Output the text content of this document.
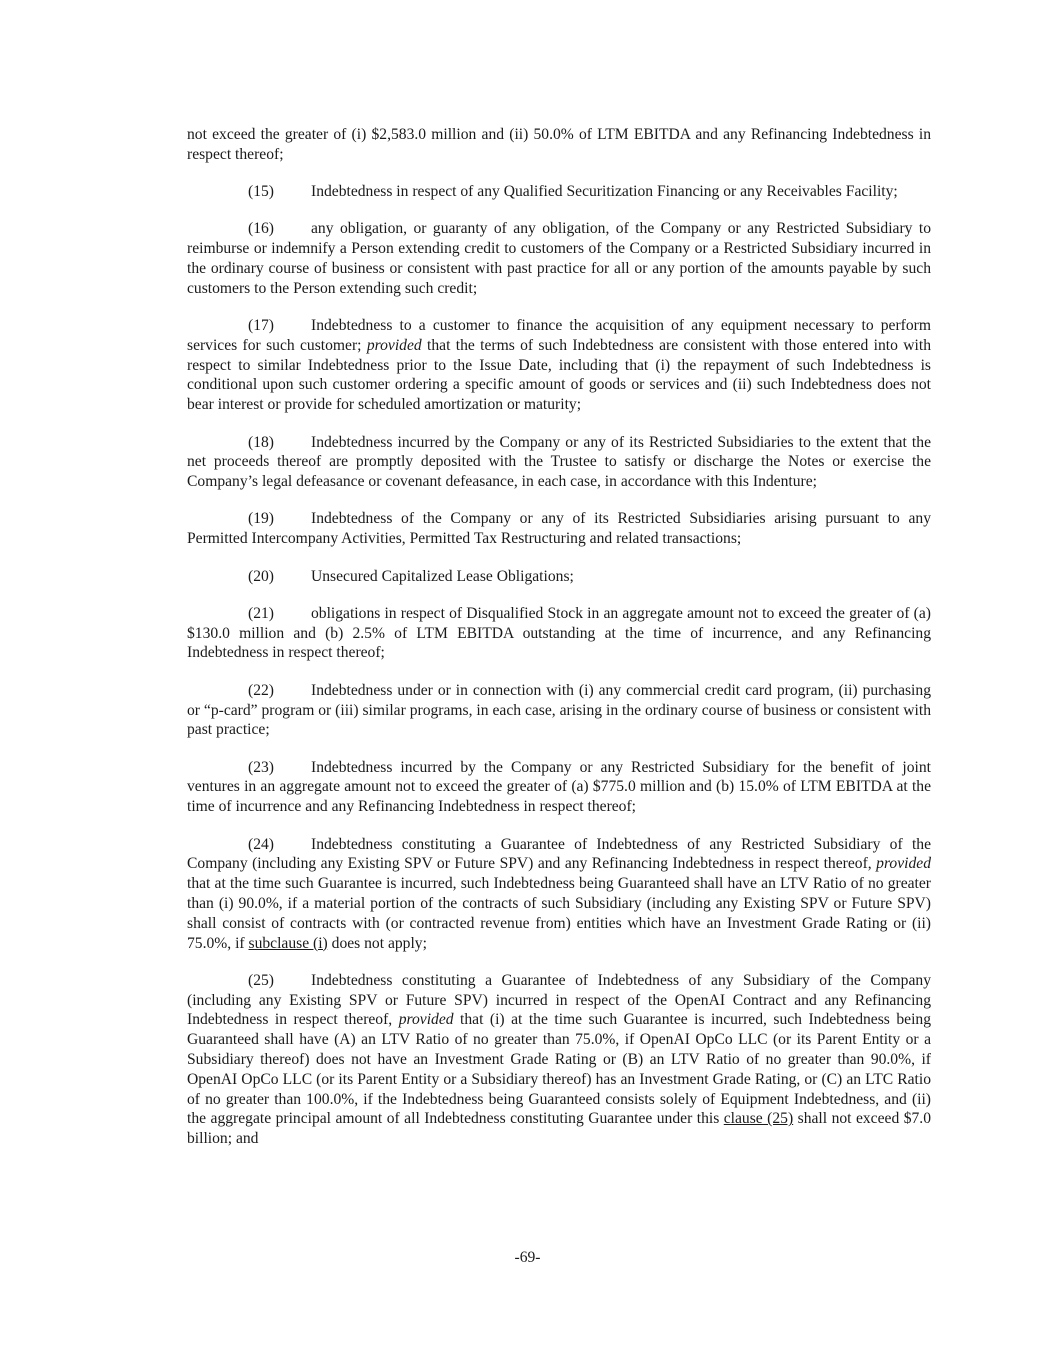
not exceed the greater of (i) $2,583.0 million and (ii) 50.0% of LTM EBITDA and any Refinancing Indebtedness in respect thereof;

(15) Indebtedness in respect of any Qualified Securitization Financing or any Receivables Facility;

(16) any obligation, or guaranty of any obligation, of the Company or any Restricted Subsidiary to reimburse or indemnify a Person extending credit to customers of the Company or a Restricted Subsidiary incurred in the ordinary course of business or consistent with past practice for all or any portion of the amounts payable by such customers to the Person extending such credit;

(17) Indebtedness to a customer to finance the acquisition of any equipment necessary to perform services for such customer; provided that the terms of such Indebtedness are consistent with those entered into with respect to similar Indebtedness prior to the Issue Date, including that (i) the repayment of such Indebtedness is conditional upon such customer ordering a specific amount of goods or services and (ii) such Indebtedness does not bear interest or provide for scheduled amortization or maturity;

(18) Indebtedness incurred by the Company or any of its Restricted Subsidiaries to the extent that the net proceeds thereof are promptly deposited with the Trustee to satisfy or discharge the Notes or exercise the Company’s legal defeasance or covenant defeasance, in each case, in accordance with this Indenture;

(19) Indebtedness of the Company or any of its Restricted Subsidiaries arising pursuant to any Permitted Intercompany Activities, Permitted Tax Restructuring and related transactions;

(20) Unsecured Capitalized Lease Obligations;

(21) obligations in respect of Disqualified Stock in an aggregate amount not to exceed the greater of (a) $130.0 million and (b) 2.5% of LTM EBITDA outstanding at the time of incurrence, and any Refinancing Indebtedness in respect thereof;

(22) Indebtedness under or in connection with (i) any commercial credit card program, (ii) purchasing or “p-card” program or (iii) similar programs, in each case, arising in the ordinary course of business or consistent with past practice;

(23) Indebtedness incurred by the Company or any Restricted Subsidiary for the benefit of joint ventures in an aggregate amount not to exceed the greater of (a) $775.0 million and (b) 15.0% of LTM EBITDA at the time of incurrence and any Refinancing Indebtedness in respect thereof;

(24) Indebtedness constituting a Guarantee of Indebtedness of any Restricted Subsidiary of the Company (including any Existing SPV or Future SPV) and any Refinancing Indebtedness in respect thereof, provided that at the time such Guarantee is incurred, such Indebtedness being Guaranteed shall have an LTV Ratio of no greater than (i) 90.0%, if a material portion of the contracts of such Subsidiary (including any Existing SPV or Future SPV) shall consist of contracts with (or contracted revenue from) entities which have an Investment Grade Rating or (ii) 75.0%, if subclause (i) does not apply;

(25) Indebtedness constituting a Guarantee of Indebtedness of any Subsidiary of the Company (including any Existing SPV or Future SPV) incurred in respect of the OpenAI Contract and any Refinancing Indebtedness in respect thereof, provided that (i) at the time such Guarantee is incurred, such Indebtedness being Guaranteed shall have (A) an LTV Ratio of no greater than 75.0%, if OpenAI OpCo LLC (or its Parent Entity or a Subsidiary thereof) does not have an Investment Grade Rating or (B) an LTV Ratio of no greater than 90.0%, if OpenAI OpCo LLC (or its Parent Entity or a Subsidiary thereof) has an Investment Grade Rating, or (C) an LTC Ratio of no greater than 100.0%, if the Indebtedness being Guaranteed consists solely of Equipment Indebtedness, and (ii) the aggregate principal amount of all Indebtedness constituting Guarantee under this clause (25) shall not exceed $7.0 billion; and

-69-
